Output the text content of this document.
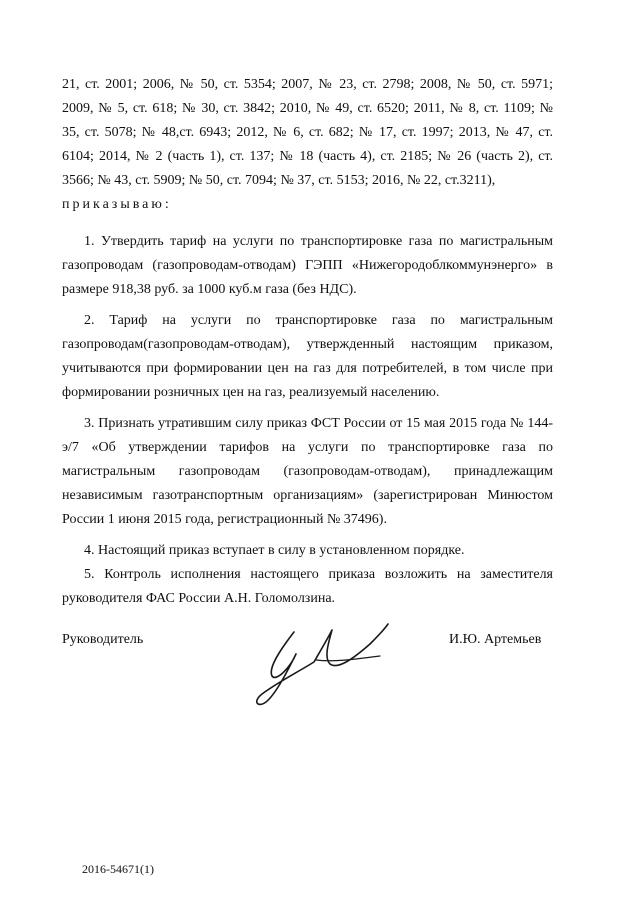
21, ст. 2001; 2006, № 50, ст. 5354; 2007, № 23, ст. 2798; 2008, № 50, ст. 5971;

2009, № 5, ст. 618; № 30, ст. 3842; 2010, № 49, ст. 6520; 2011, № 8, ст. 1109; №

35, ст. 5078; № 48,ст. 6943; 2012, № 6, ст. 682; № 17, ст. 1997; 2013, № 47, ст.

6104; 2014, № 2 (часть 1), ст. 137; № 18 (часть 4), ст. 2185; № 26 (часть 2), ст.

3566; № 43, ст. 5909; № 50, ст. 7094; № 37, ст. 5153; 2016, № 22, ст.3211),

приказываю:

1. Утвердить тариф на услуги по транспортировке газа по магистральным газопроводам (газопроводам-отводам) ГЭПП «Нижегородоблкоммунэнерго» в размере 918,38 руб. за 1000 куб.м газа (без НДС).

2. Тариф на услуги по транспортировке газа по магистральным газопроводам(газопроводам-отводам), утвержденный настоящим приказом, учитываются при формировании цен на газ для потребителей, в том числе при формировании розничных цен на газ, реализуемый населению.

3. Признать утратившим силу приказ ФСТ России от 15 мая 2015 года № 144-э/7 «Об утверждении тарифов на услуги по транспортировке газа по магистральным газопроводам (газопроводам-отводам), принадлежащим независимым газотранспортным организациям» (зарегистрирован Минюстом России 1 июня 2015 года, регистрационный № 37496).

4. Настоящий приказ вступает в силу в установленном порядке.

5. Контроль исполнения настоящего приказа возложить на заместителя руководителя ФАС России А.Н. Голомолзина.

Руководитель	И.Ю. Артемьев
2016-54671(1)
